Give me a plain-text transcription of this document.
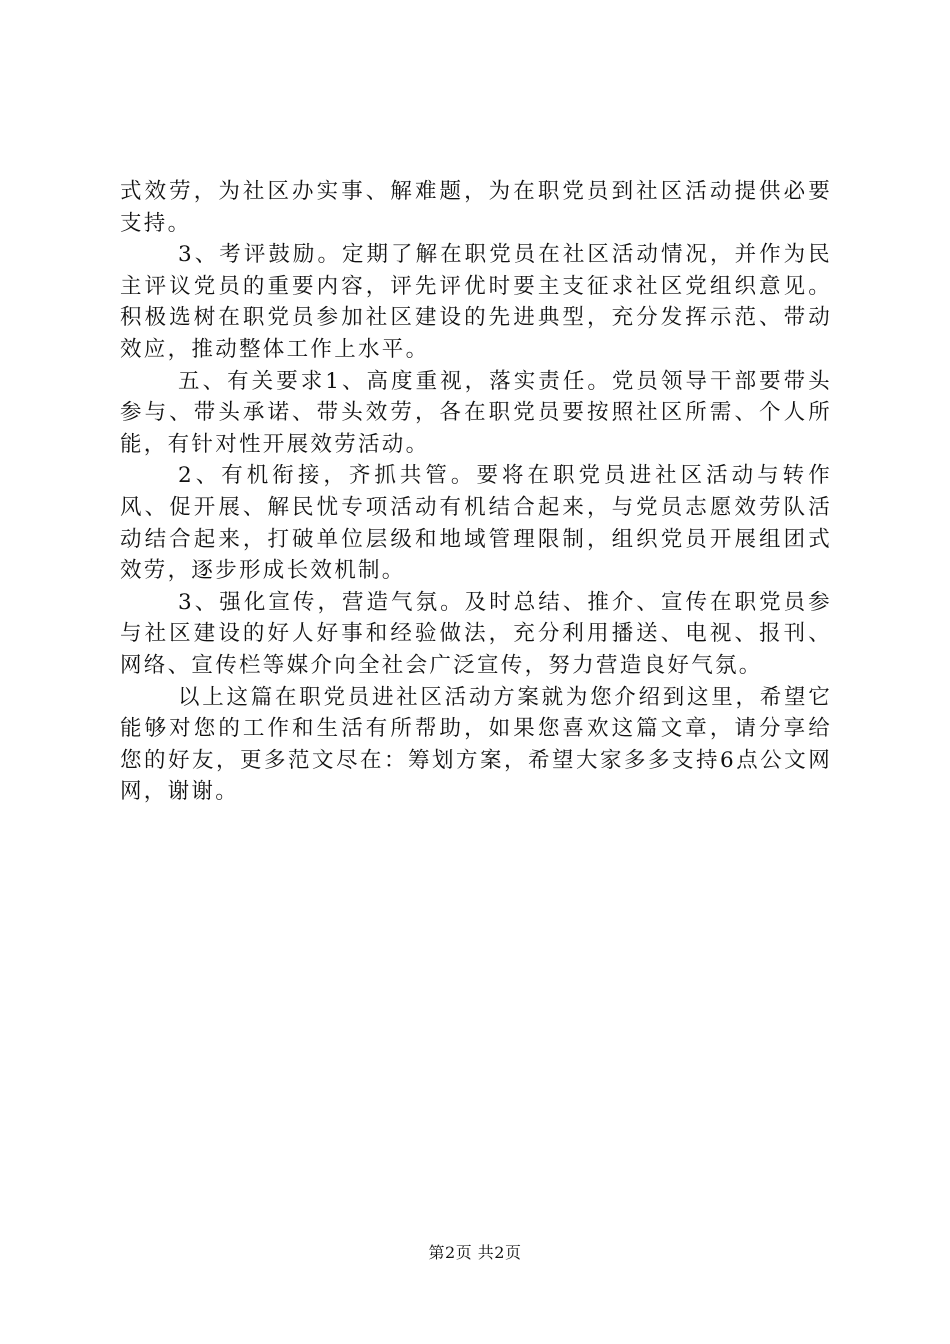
式效劳，为社区办实事、解难题，为在职党员到社区活动提供必要支持。

3、考评鼓励。定期了解在职党员在社区活动情况，并作为民主评议党员的重要内容，评先评优时要主支征求社区党组织意见。积极选树在职党员参加社区建设的先进典型，充分发挥示范、带动效应，推动整体工作上水平。

五、有关要求1、高度重视，落实责任。党员领导干部要带头参与、带头承诺、带头效劳，各在职党员要按照社区所需、个人所能，有针对性开展效劳活动。

2、有机衔接，齐抓共管。要将在职党员进社区活动与转作风、促开展、解民忧专项活动有机结合起来，与党员志愿效劳队活动结合起来，打破单位层级和地域管理限制，组织党员开展组团式效劳，逐步形成长效机制。

3、强化宣传，营造气氛。及时总结、推介、宣传在职党员参与社区建设的好人好事和经验做法，充分利用播送、电视、报刊、网络、宣传栏等媒介向全社会广泛宣传，努力营造良好气氛。

以上这篇在职党员进社区活动方案就为您介绍到这里，希望它能够对您的工作和生活有所帮助，如果您喜欢这篇文章，请分享给您的好友，更多范文尽在：筹划方案，希望大家多多支持6点公文网网，谢谢。

第2页 共2页
